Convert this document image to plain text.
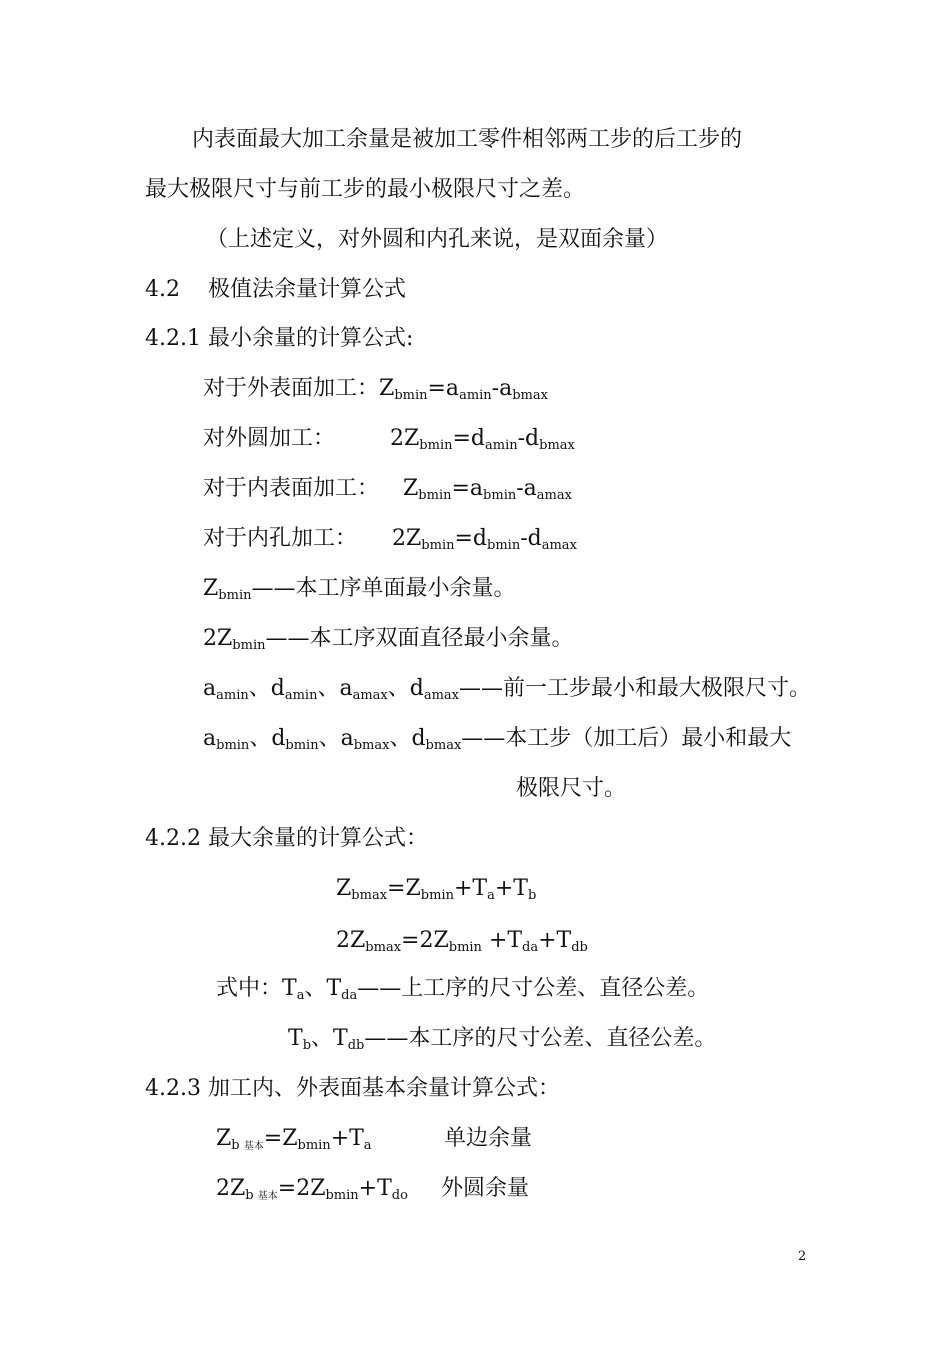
内表面最大加工余量是被加工零件相邻两工步的后工步的
最大极限尺寸与前工步的最小极限尺寸之差。
（上述定义，对外圆和内孔来说，是双面余量）
4.2    极值法余量计算公式
4.2.1 最小余量的计算公式:
对于外表面加工：$Z_{bmin}=a_{amin}-a_{bmax}$
对外圆加工： $2Z_{bmin}=d_{amin}-d_{bmax}$
对于内表面加工： $Z_{bmin}=a_{bmin}-a_{amax}$
对于内孔加工： $2Z_{bmin}=d_{bmin}-d_{amax}$
$Z_{bmin}——$本工序单面最小余量。
$2Z_{bmin}——$本工序双面直径最小余量。
$a_{amin}$、$d_{amin}$、$a_{amax}$、$d_{amax}——$前一工步最小和最大极限尺寸。
$a_{bmin}$、$d_{bmin}$、$a_{bmax}$、$d_{bmax}——$本工步（加工后）最小和最大
极限尺寸。
4.2.2 最大余量的计算公式：
$Z_{bmax}=Z_{bmin}+T_a+T_b$
$2Z_{bmax}=2Z_{bmin} +T_{da}+T_{db}$
式中：$T_a$、$T_{da}——$上工序的尺寸公差、直径公差。
$T_b$、$T_{db}——$本工序的尺寸公差、直径公差。
4.2.3 加工内、外表面基本余量计算公式：
$Z_{b 基本}=Z_{bmin}+T_a$	单边余量
$2Z_{b 基本}=2Z_{bmin}+T_{do}$ 外圆余量
2
